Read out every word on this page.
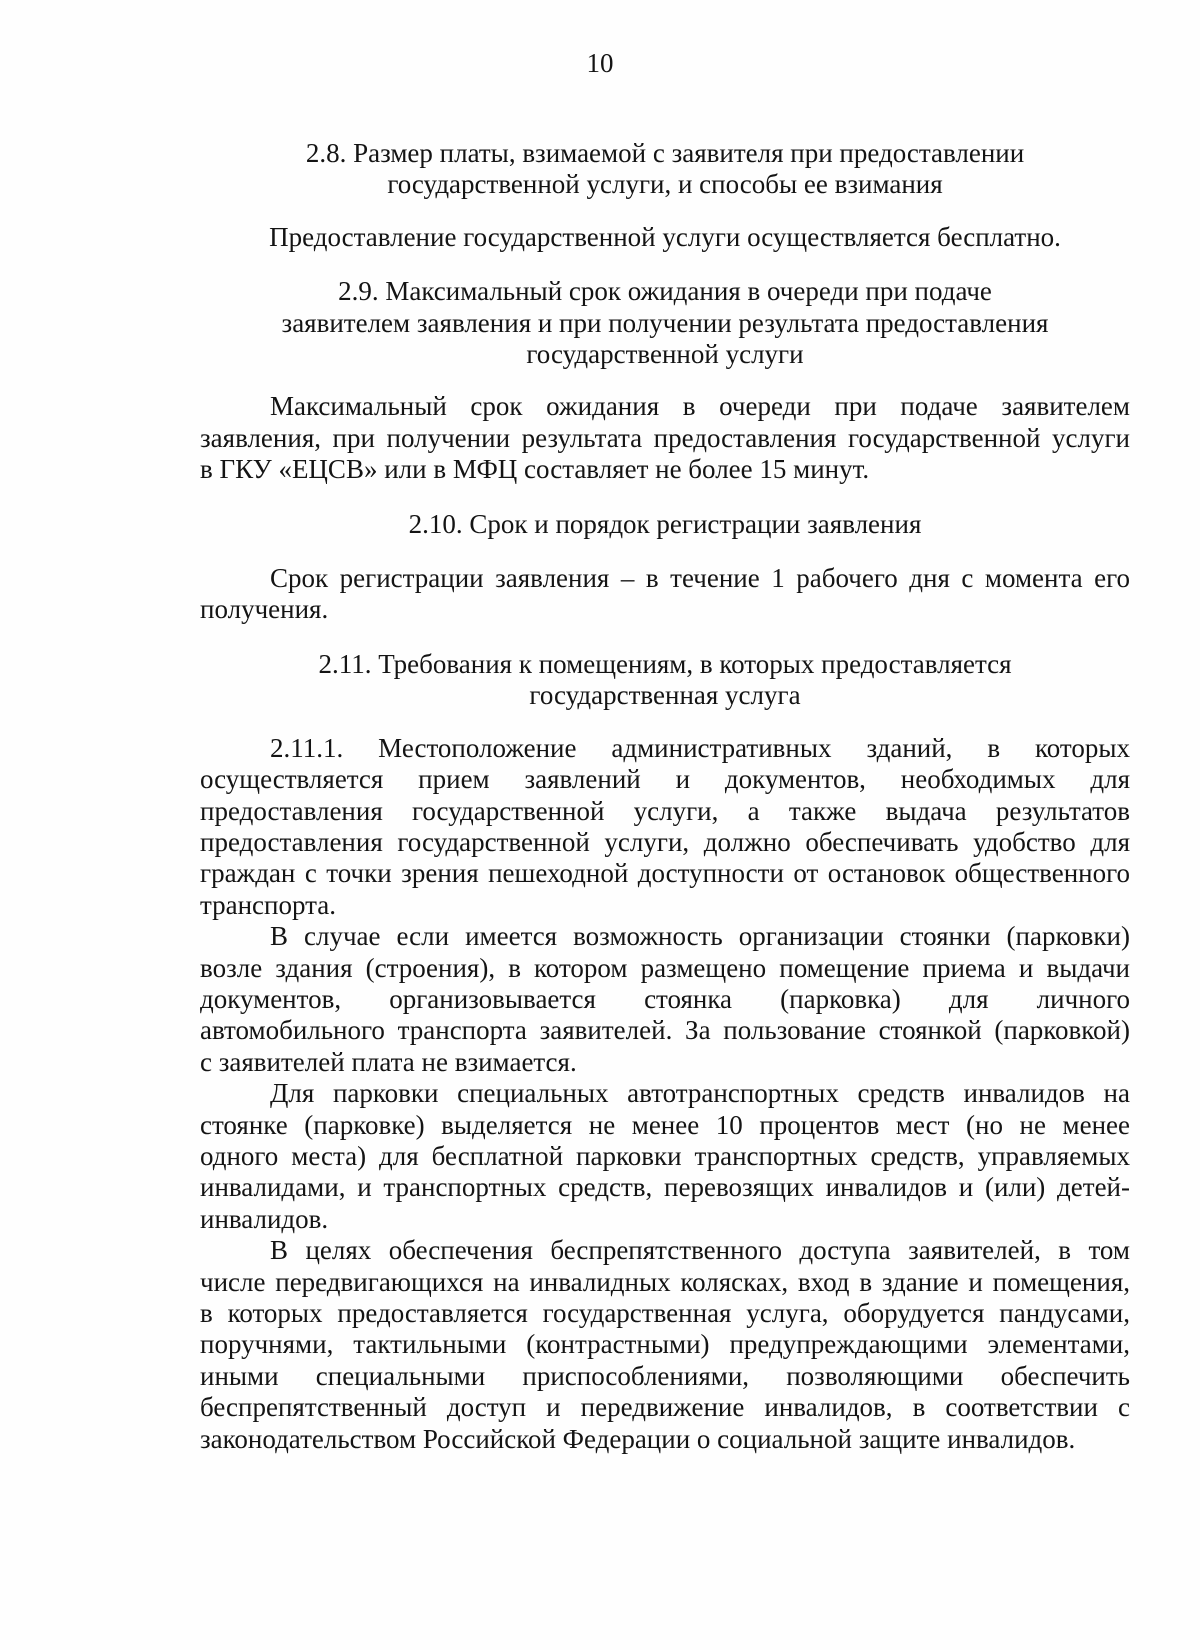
10
2.8. Размер платы, взимаемой с заявителя при предоставлении
государственной услуги, и способы ее взимания
Предоставление государственной услуги осуществляется бесплатно.
2.9. Максимальный срок ожидания в очереди при подаче
заявителем заявления и при получении результата предоставления
государственной услуги
Максимальный срок ожидания в очереди при подаче заявителем
заявления, при получении результата предоставления государственной услуги
в ГКУ «ЕЦСВ» или в МФЦ составляет не более 15 минут.
2.10. Срок и порядок регистрации заявления
Срок регистрации заявления – в течение 1 рабочего дня с момента его
получения.
2.11. Требования к помещениям, в которых предоставляется
государственная услуга
2.11.1. Местоположение административных зданий, в которых
осуществляется прием заявлений и документов, необходимых для
предоставления государственной услуги, а также выдача результатов
предоставления государственной услуги, должно обеспечивать удобство для
граждан с точки зрения пешеходной доступности от остановок общественного
транспорта.
В случае если имеется возможность организации стоянки (парковки)
возле здания (строения), в котором размещено помещение приема и выдачи
документов, организовывается стоянка (парковка) для личного
автомобильного транспорта заявителей. За пользование стоянкой (парковкой)
с заявителей плата не взимается.
Для парковки специальных автотранспортных средств инвалидов на
стоянке (парковке) выделяется не менее 10 процентов мест (но не менее
одного места) для бесплатной парковки транспортных средств, управляемых
инвалидами, и транспортных средств, перевозящих инвалидов и (или) детей-
инвалидов.
В целях обеспечения беспрепятственного доступа заявителей, в том
числе передвигающихся на инвалидных колясках, вход в здание и помещения,
в которых предоставляется государственная услуга, оборудуется пандусами,
поручнями, тактильными (контрастными) предупреждающими элементами,
иными специальными приспособлениями, позволяющими обеспечить
беспрепятственный доступ и передвижение инвалидов, в соответствии с
законодательством Российской Федерации о социальной защите инвалидов.
